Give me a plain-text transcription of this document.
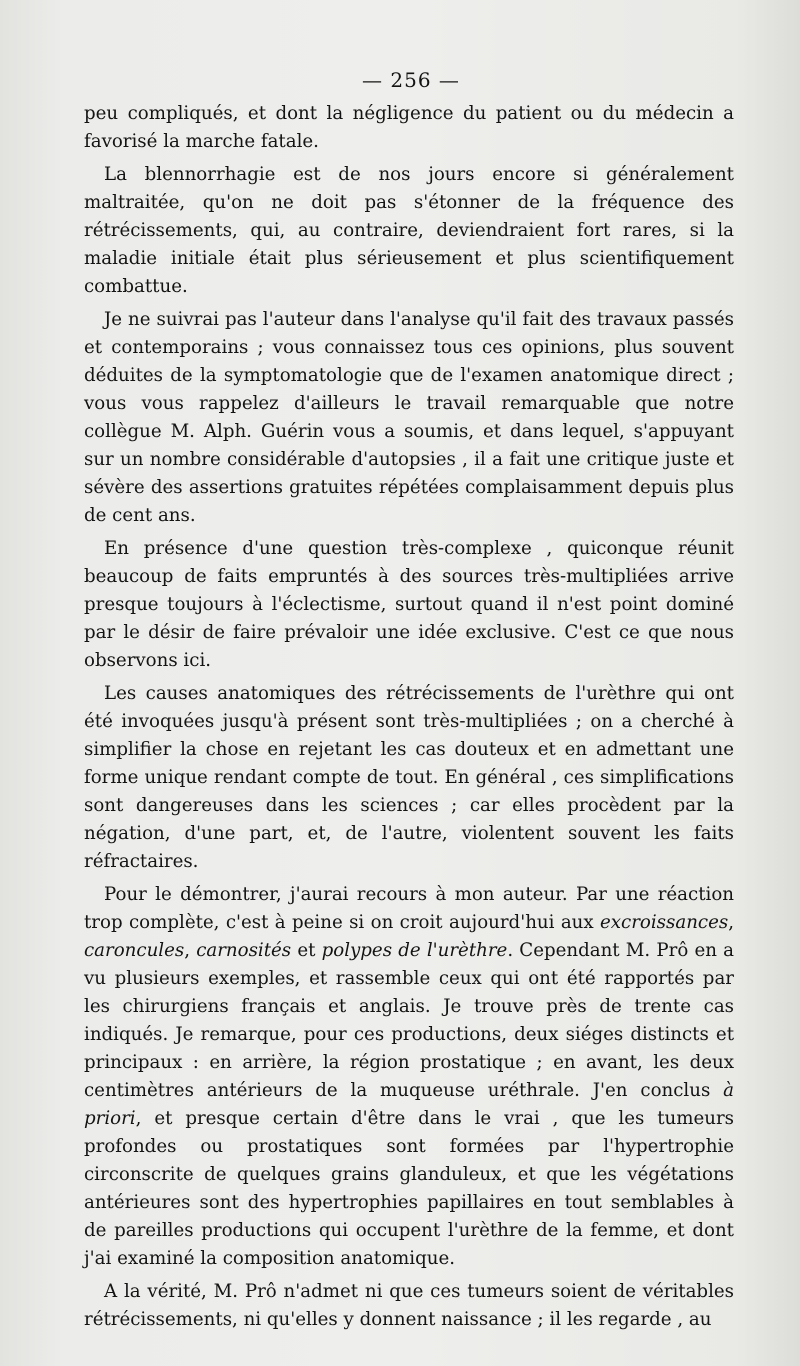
— 256 —

peu compliqués, et dont la négligence du patient ou du médecin a favorisé la marche fatale.

La blennorrhagie est de nos jours encore si généralement maltraitée, qu'on ne doit pas s'étonner de la fréquence des rétrécissements, qui, au contraire, deviendraient fort rares, si la maladie initiale était plus sérieusement et plus scientifiquement combattue.

Je ne suivrai pas l'auteur dans l'analyse qu'il fait des travaux passés et contemporains ; vous connaissez tous ces opinions, plus souvent déduites de la symptomatologie que de l'examen anatomique direct ; vous vous rappelez d'ailleurs le travail remarquable que notre collègue M. Alph. Guérin vous a soumis, et dans lequel, s'appuyant sur un nombre considérable d'autopsies , il a fait une critique juste et sévère des assertions gratuites répétées complaisamment depuis plus de cent ans.

En présence d'une question très-complexe , quiconque réunit beaucoup de faits empruntés à des sources très-multipliées arrive presque toujours à l'éclectisme, surtout quand il n'est point dominé par le désir de faire prévaloir une idée exclusive. C'est ce que nous observons ici.

Les causes anatomiques des rétrécissements de l'urèthre qui ont été invoquées jusqu'à présent sont très-multipliées ; on a cherché à simplifier la chose en rejetant les cas douteux et en admettant une forme unique rendant compte de tout. En général , ces simplifications sont dangereuses dans les sciences ; car elles procèdent par la négation, d'une part, et, de l'autre, violentent souvent les faits réfractaires.

Pour le démontrer, j'aurai recours à mon auteur. Par une réaction trop complète, c'est à peine si on croit aujourd'hui aux excroissances, caroncules, carnosités et polypes de l'urèthre. Cependant M. Prô en a vu plusieurs exemples, et rassemble ceux qui ont été rapportés par les chirurgiens français et anglais. Je trouve près de trente cas indiqués. Je remarque, pour ces productions, deux siéges distincts et principaux : en arrière, la région prostatique ; en avant, les deux centimètres antérieurs de la muqueuse uréthrale. J'en conclus à priori, et presque certain d'être dans le vrai , que les tumeurs profondes ou prostatiques sont formées par l'hypertrophie circonscrite de quelques grains glanduleux, et que les végétations antérieures sont des hypertrophies papillaires en tout semblables à de pareilles productions qui occupent l'urèthre de la femme, et dont j'ai examiné la composition anatomique.

A la vérité, M. Prô n'admet ni que ces tumeurs soient de véritables rétrécissements, ni qu'elles y donnent naissance ; il les regarde , au
